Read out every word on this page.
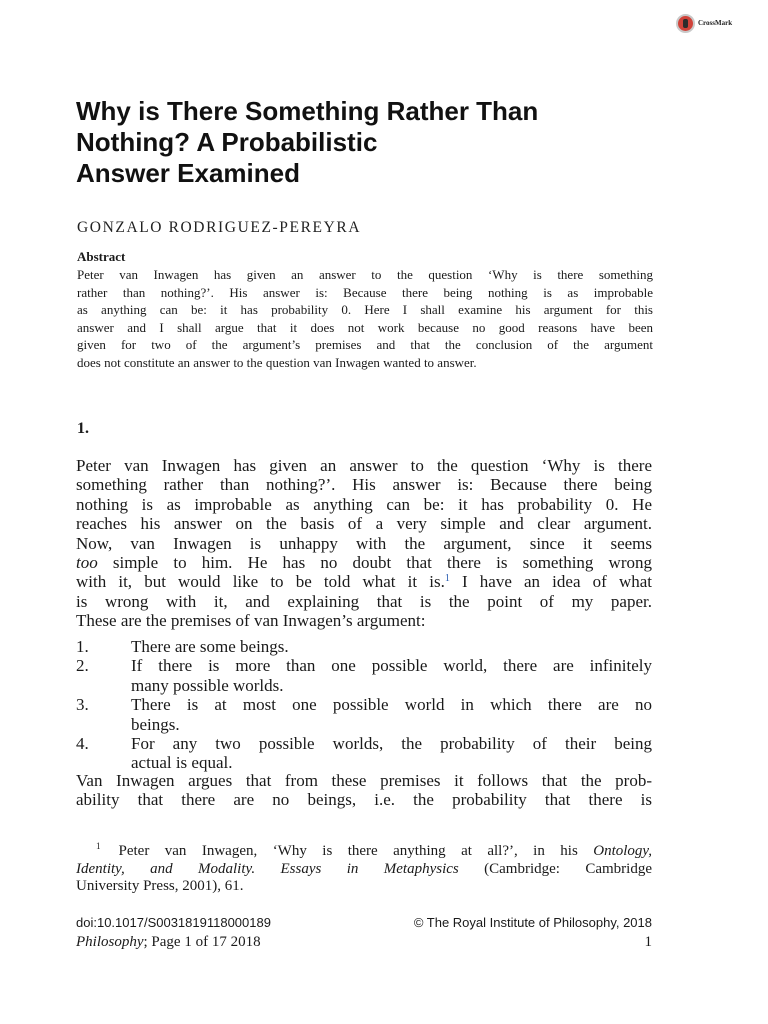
CrossMark
Why is There Something Rather Than
Nothing? A Probabilistic
Answer Examined
GONZALO RODRIGUEZ-PEREYRA
Abstract
Peter van Inwagen has given an answer to the question ‘Why is there something
rather than nothing?’. His answer is: Because there being nothing is as improbable
as anything can be: it has probability 0. Here I shall examine his argument for this
answer and I shall argue that it does not work because no good reasons have been
given for two of the argument’s premises and that the conclusion of the argument
does not constitute an answer to the question van Inwagen wanted to answer.
1.
Peter van Inwagen has given an answer to the question ‘Why is there
something rather than nothing?’. His answer is: Because there being
nothing is as improbable as anything can be: it has probability 0. He
reaches his answer on the basis of a very simple and clear argument.
Now, van Inwagen is unhappy with the argument, since it seems
too simple to him. He has no doubt that there is something wrong
with it, but would like to be told what it is.$^1$ I have an idea of what
is wrong with it, and explaining that is the point of my paper.
These are the premises of van Inwagen’s argument:
1. There are some beings.
2. If there is more than one possible world, there are infinitely
many possible worlds.
3. There is at most one possible world in which there are no
beings.
4. For any two possible worlds, the probability of their being
actual is equal.
Van Inwagen argues that from these premises it follows that the prob-
ability that there are no beings, i.e. the probability that there is
$^1$ Peter van Inwagen, ‘Why is there anything at all?’, in his Ontology,
Identity, and Modality. Essays in Metaphysics (Cambridge: Cambridge
University Press, 2001), 61.
doi:10.1017/S0031819118000189	© The Royal Institute of Philosophy, 2018
Philosophy; Page 1 of 17 2018	1
